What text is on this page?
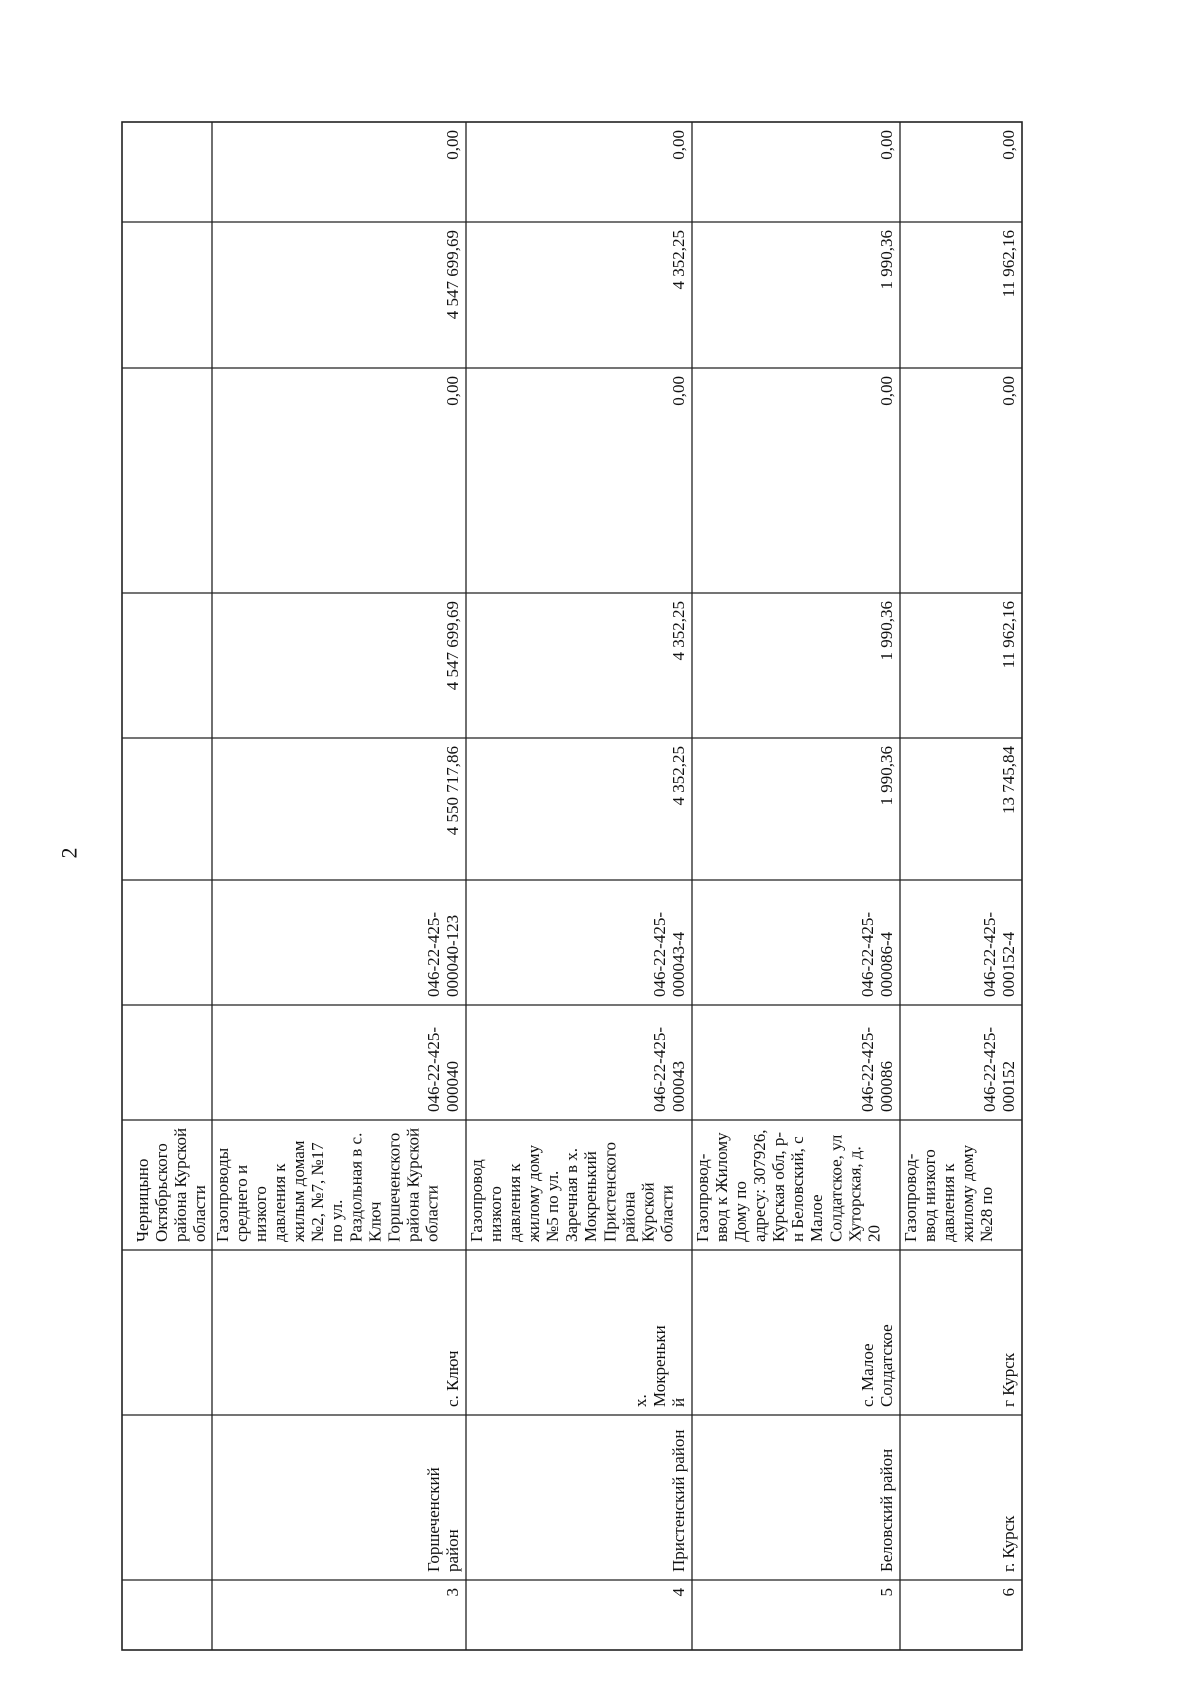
2
Черницыно Октябрьского района Курской области
3
Горшеченский район
с. Ключ
Газопроводы среднего и низкого давления к жилым домам №2, №7, №17 по ул. Раздольная в с. Ключ Горшеченского района Курской области
046-22-425- 000040
046-22-425- 000040-123
4 550 717,86
4 547 699,69
0,00
4 547 699,69
0,00
4
Пристенский район
х. Мокреньки й
Газопровод низкого давления к жилому дому №5 по ул. Заречная в х. Мокренький Пристенского района Курской области
046-22-425- 000043
046-22-425- 000043-4
4 352,25
4 352,25
0,00
4 352,25
0,00
5
Беловский район
с. Малое Солдатское
Газопровод- ввод к Жилому Дому по адресу: 307926, Курская обл, р- н Беловский, с Малое Солдатское, ул Хуторская, д. 20
046-22-425- 000086
046-22-425- 000086-4
1 990,36
1 990,36
0,00
1 990,36
0,00
6
г. Курск
г Курск
Газопровод- ввод низкого давления к жилому дому №28 по
046-22-425- 000152
046-22-425- 000152-4
13 745,84
11 962,16
0,00
11 962,16
0,00
